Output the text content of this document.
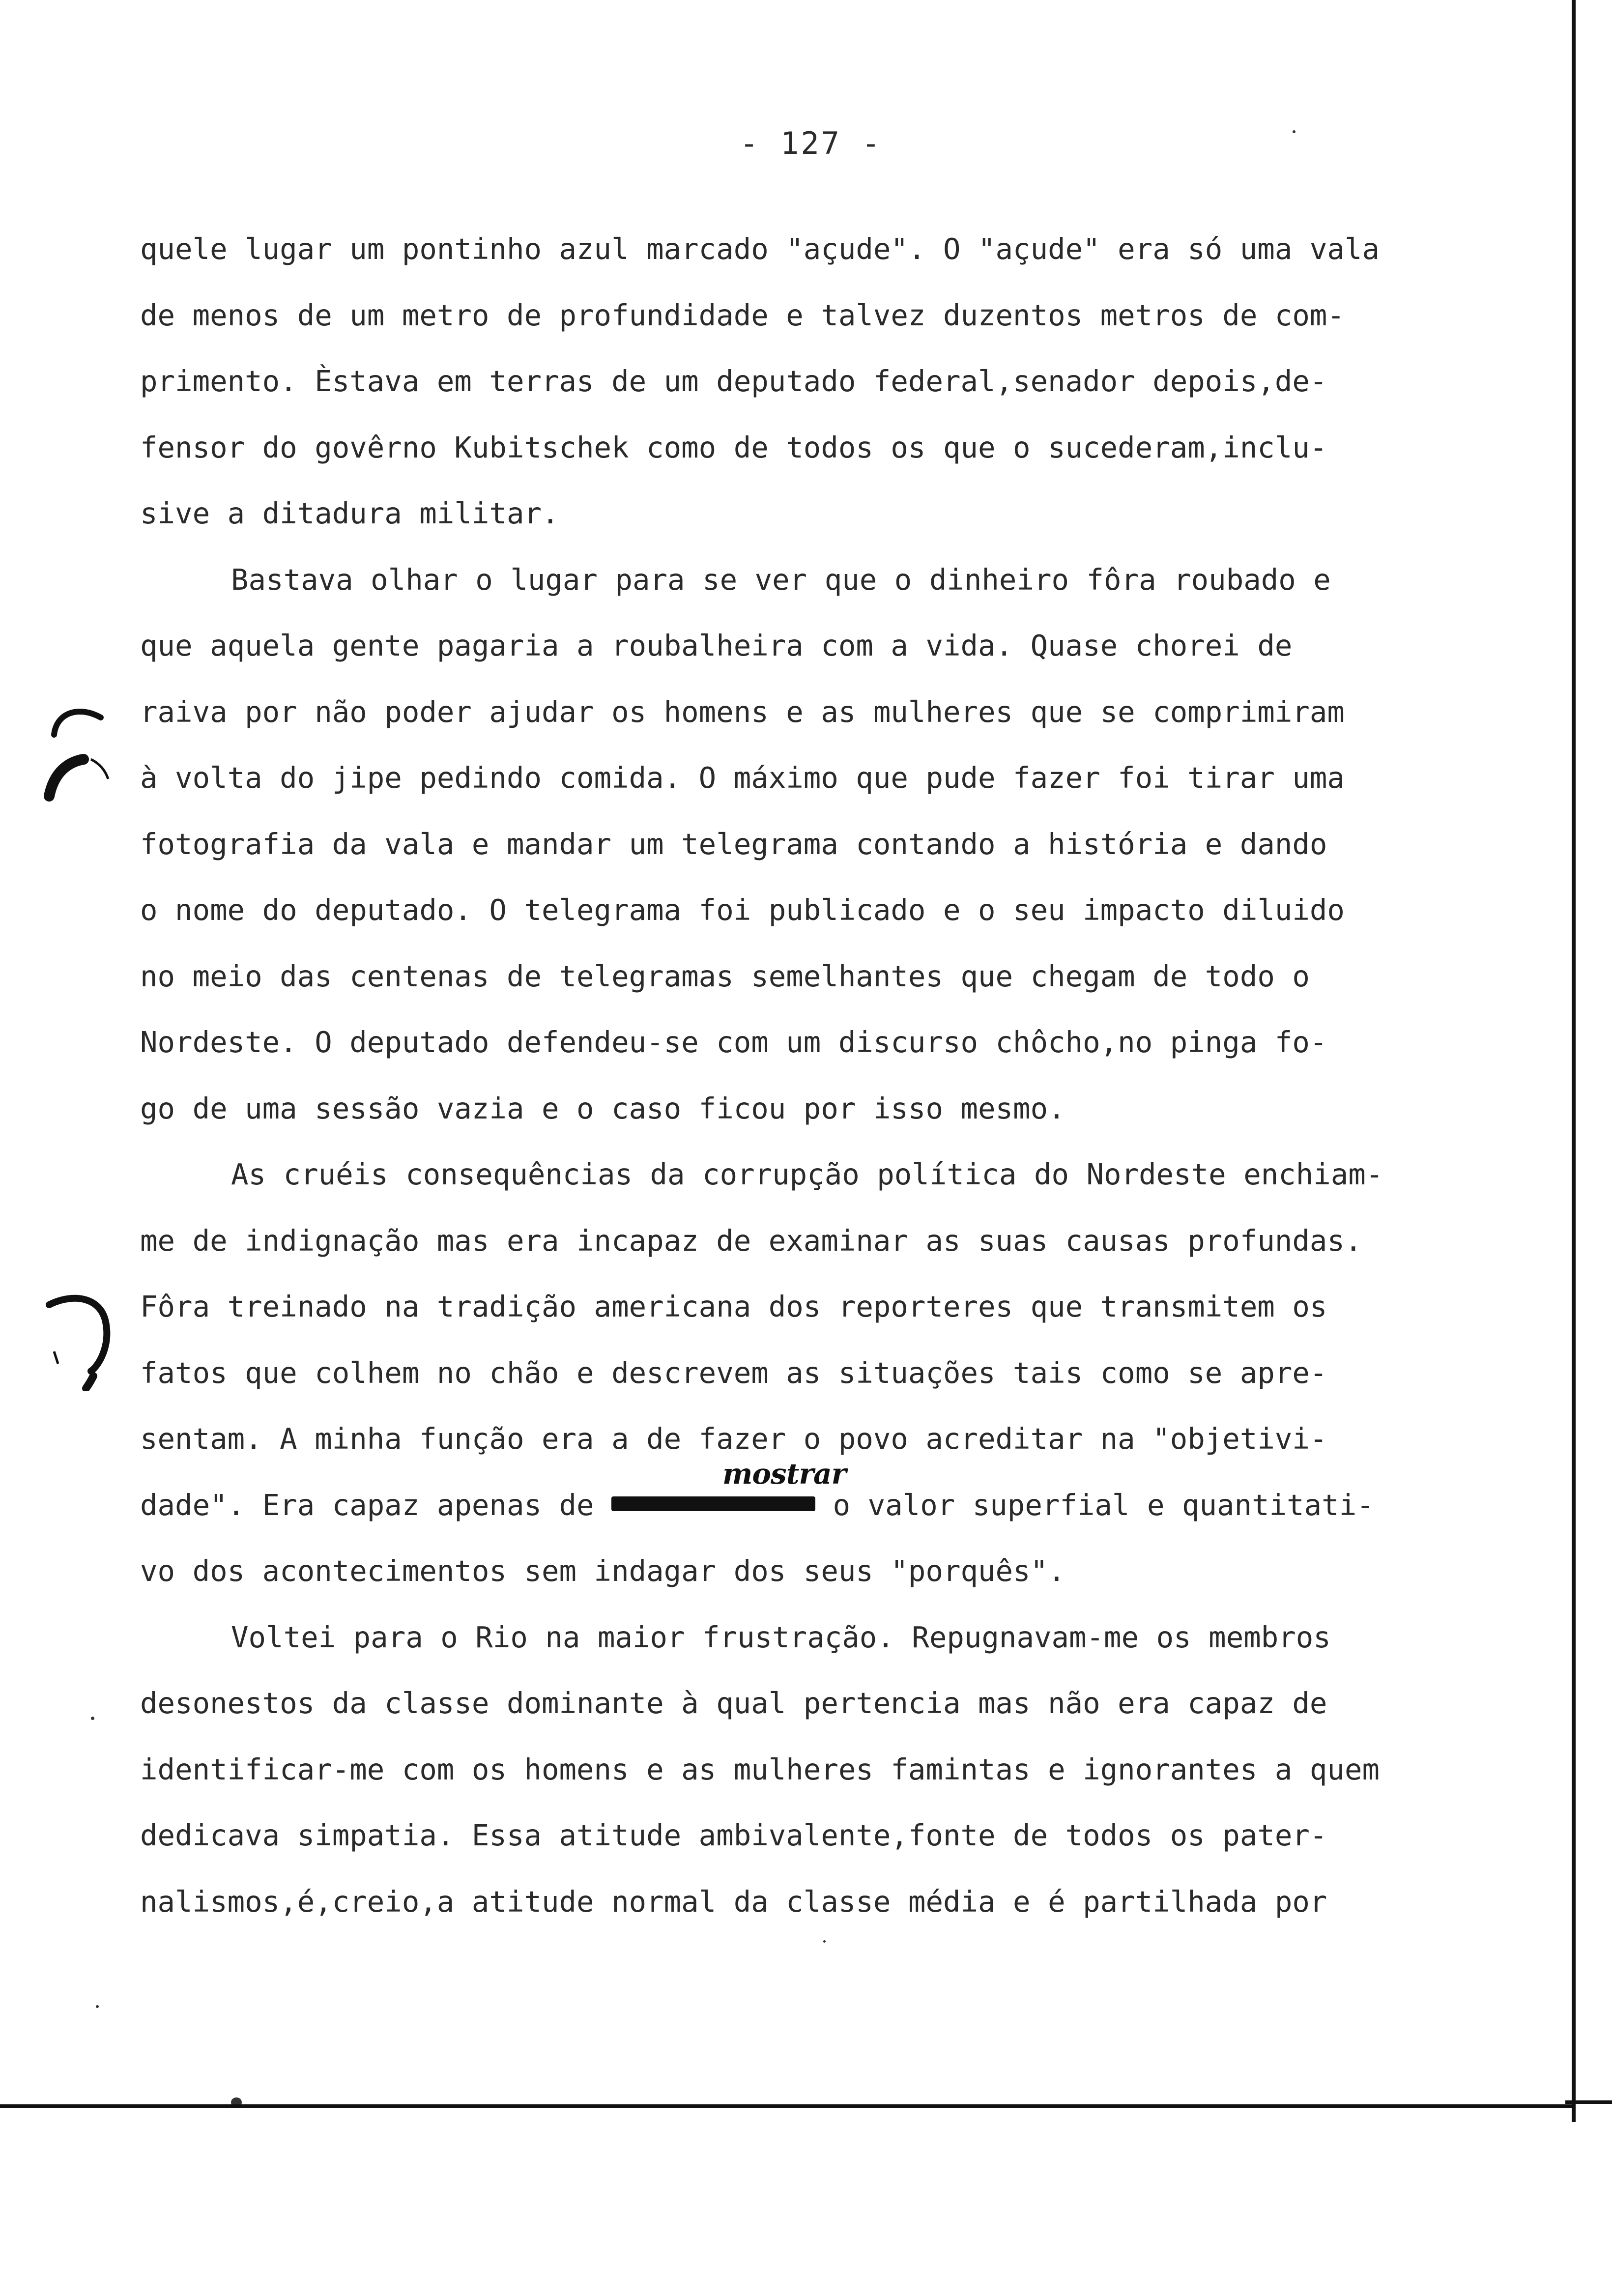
- 127 -
quele lugar um pontinho azul marcado "açude". O "açude" era só uma vala
de menos de um metro de profundidade e talvez duzentos metros de com-
primento. Èstava em terras de um deputado federal,senador depois,de-
fensor do govêrno Kubitschek como de todos os que o sucederam,inclu-
sive a ditadura militar.
Bastava olhar o lugar para se ver que o dinheiro fôra roubado e
que aquela gente pagaria a roubalheira com a vida. Quase chorei de
raiva por não poder ajudar os homens e as mulheres que se comprimiram
à volta do jipe pedindo comida. O máximo que pude fazer foi tirar uma
fotografia da vala e mandar um telegrama contando a história e dando
o nome do deputado. O telegrama foi publicado e o seu impacto diluido
no meio das centenas de telegramas semelhantes que chegam de todo o
Nordeste. O deputado defendeu-se com um discurso chôcho,no pinga fo-
go de uma sessão vazia e o caso ficou por isso mesmo.
As cruéis consequências da corrupção política do Nordeste enchiam-
me de indignação mas era incapaz de examinar as suas causas profundas.
Fôra treinado na tradição americana dos reporteres que transmitem os
fatos que colhem no chão e descrevem as situações tais como se apre-
sentam. A minha função era a de fazer o povo acreditar na "objetivi-
dade". Era capaz apenas de	o valor superfial e quantitati-
vo dos acontecimentos sem indagar dos seus "porquês".
Voltei para o Rio na maior frustração. Repugnavam-me os membros
desonestos da classe dominante à qual pertencia mas não era capaz de
identificar-me com os homens e as mulheres famintas e ignorantes a quem
dedicava simpatia. Essa atitude ambivalente,fonte de todos os pater-
nalismos,é,creio,a atitude normal da classe média e é partilhada por
mostrar
